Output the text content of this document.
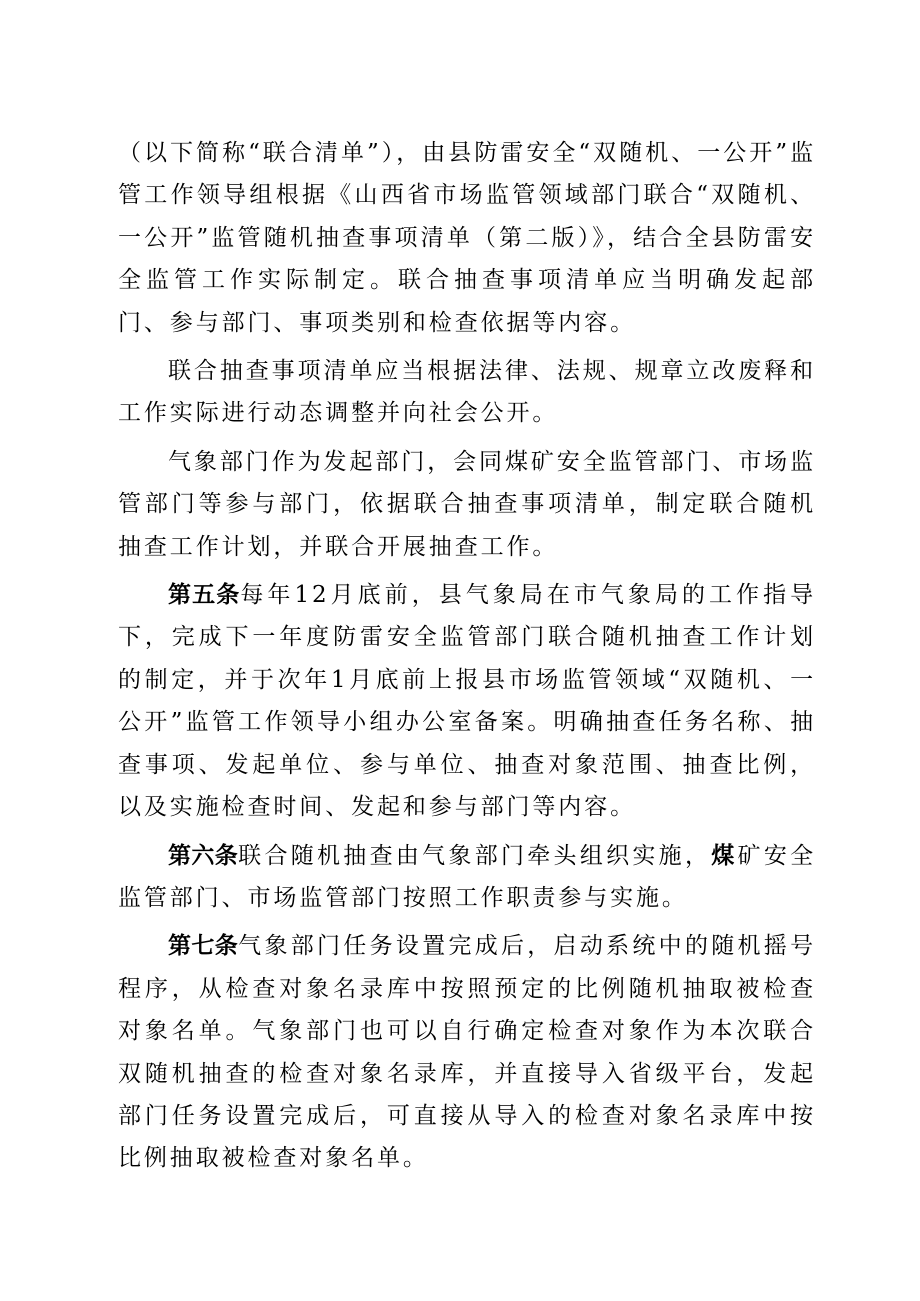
（以下简称“联合清单”），由县防雷安全“双随机、一公开”监管工作领导组根据《山西省市场监管领域部门联合“双随机、一公开”监管随机抽查事项清单（第二版）》，结合全县防雷安全监管工作实际制定。联合抽查事项清单应当明确发起部门、参与部门、事项类别和检查依据等内容。

联合抽查事项清单应当根据法律、法规、规章立改废释和工作实际进行动态调整并向社会公开。

气象部门作为发起部门，会同煤矿安全监管部门、市场监管部门等参与部门，依据联合抽查事项清单，制定联合随机抽查工作计划，并联合开展抽查工作。

第五条每年12月底前，县气象局在市气象局的工作指导下，完成下一年度防雷安全监管部门联合随机抽查工作计划的制定，并于次年1月底前上报县市场监管领域“双随机、一公开”监管工作领导小组办公室备案。明确抽查任务名称、抽查事项、发起单位、参与单位、抽查对象范围、抽查比例，以及实施检查时间、发起和参与部门等内容。

第六条联合随机抽查由气象部门牵头组织实施，煤矿安全监管部门、市场监管部门按照工作职责参与实施。

第七条气象部门任务设置完成后，启动系统中的随机摇号程序，从检查对象名录库中按照预定的比例随机抽取被检查对象名单。气象部门也可以自行确定检查对象作为本次联合双随机抽查的检查对象名录库，并直接导入省级平台，发起部门任务设置完成后，可直接从导入的检查对象名录库中按比例抽取被检查对象名单。
